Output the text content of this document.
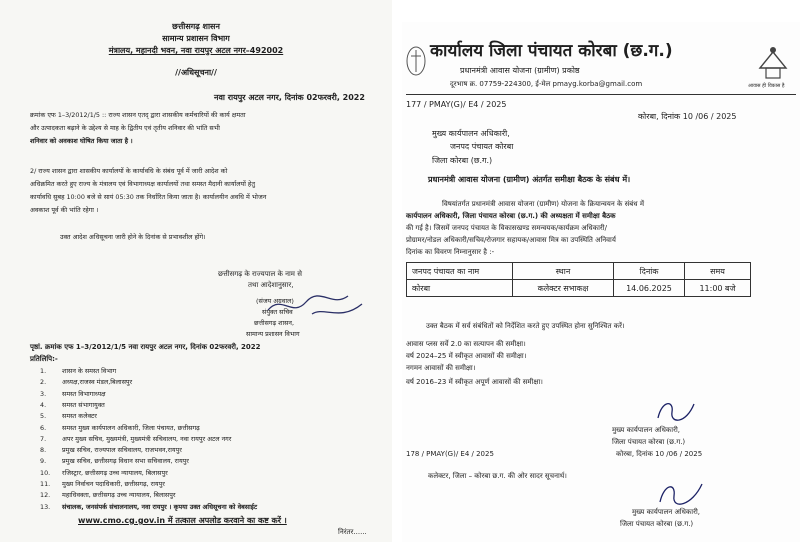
छत्तीसगढ़ शासन
सामान्य प्रशासन विभाग
मंत्रालय, महानदी भवन, नवा रायपुर अटल नगर–492002
//अधिसूचना//
नवा रायपुर अटल नगर, दिनांक 02फरवरी, 2022
क्रमांक एफ 1–3/2012/1/5 :: राज्य शासन एतद् द्वारा शासकीय कर्मचारियों की कार्य क्षमता
और उत्पादकता बढ़ाने के उद्देश्य से माह के द्वितीय एवं तृतीय शनिवार की भांति सभी
शनिवार को अवकाश घोषित किया जाता है ।
2/ राज्य शासन द्वारा शासकीय कार्यालयों के कार्यावधि के संबंध पूर्व में जारी आदेश को
अधिक्रमित करते हुए राज्य के मंत्रालय एवं विभागाध्यक्ष कार्यालयों तथा समस्त मैदानी कार्यालयों हेतु
कार्यावधि सुबह 10:00 बजे से सायं 05:30 तक निर्धारित किया जाता है। कार्यालयीन अवधि में भोजन
अवकाश पूर्व की भांति रहेगा ।
उक्त आदेश अधिसूचना जारी होने के दिनांक से प्रभावशील होंगे।
छत्तीसगढ़ के राज्यपाल के नाम से
तथा आदेशानुसार,
(संजय अग्रवाल)
संयुक्त सचिव
छत्तीसगढ़ शासन,
सामान्य प्रशासन विभाग
पृष्ठां. क्रमांक एफ 1–3/2012/1/5 नवा रायपुर अटल नगर, दिनांक 02फरवरी, 2022
प्रतिलिपि:-
www.cmo.cg.gov.in में तत्काल अपलोड करवाने का कष्ट करें ।
निरंतर......
1. शासन के समस्त विभाग
2. अध्यक्ष,राजस्व मंडल,बिलासपुर
3. समस्त विभागाध्यक्ष
4. समस्त संभागायुक्त
5. समस्त कलेक्टर
6. समस्त मुख्य कार्यपालन अधिकारी, जिला पंचायत, छत्तीसगढ़
7. अपर मुख्य सचिव, मुख्यमंत्री, मुख्यमंत्री सचिवालय, नवा रायपुर अटल नगर
8. प्रमुख सचिव, राज्यपाल सचिवालय, राजभवन,रायपुर
9. प्रमुख सचिव, छत्तीसगढ़ विधान सभा सचिवालय, रायपुर
10. रजिस्ट्रार, छत्तीसगढ़ उच्च न्यायालय, बिलासपुर
11. मुख्य निर्वाचन पदाधिकारी, छत्तीसगढ़, रायपुर
12. महाधिवक्ता, छत्तीसगढ़ उच्च न्यायालय, बिलासपुर
13. संचालक, जनसंपर्क संचालनालय, नवा रायपुर । कृपया उक्त अधिसूचना को वेबसाईट
कार्यालय जिला पंचायत कोरबा (छ.ग.)
प्रधानमंत्री आवास योजना (ग्रामीण) प्रकोष्ठ
दूरभाष क्र. 07759-224300, ई-मेल pmayg.korba@gmail.com	आवास ही विकास है
177 / PMAY(G)/ E4 / 2025
कोरबा, दिनांक 10 /06 / 2025
मुख्य कार्यपालन अधिकारी,
जनपद पंचायत कोरबा
जिला कोरबा (छ.ग.)
प्रधानमंत्री आवास योजना (ग्रामीण) अंतर्गत समीक्षा बैठक के संबंध में।
विषयांतर्गत प्रधानमंत्री आवास योजना (ग्रामीण) योजना के क्रियान्वयन के संबंध में
कार्यपालन अधिकारी, जिला पंचायत कोरबा (छ.ग.) की अध्यक्षता में समीक्षा बैठक
की गई है। जिसमें जनपद पंचायत के विकासखण्ड समन्वयक/कार्यक्रम अधिकारी/
प्रोग्रामर/नोडल अधिकारी/सचिव/रोजगार सहायक/आवास मित्र का उपस्थिति अनिवार्य
दिनांक का विवरण निम्नानुसार है :-
जनपद पंचायत का नाम	स्थान	दिनांक	समय
कोरबा	कलेक्टर सभाकक्ष	14.06.2025	11:00 बजे
उक्त बैठक में सर्व संबंधितों को निर्देशित करते हुए उपस्थित होना सुनिश्चित करें।
आवास प्लस सर्वे 2.0 का सत्यापन की समीक्षा।
वर्ष 2024–25 में स्वीकृत आवासों की समीक्षा।
नगमन आवासों की समीक्षा।
वर्ष 2016–23 में स्वीकृत अपूर्ण आवासों की समीक्षा।
मुख्य कार्यपालन अधिकारी,
जिला पंचायत कोरबा (छ.ग.)
कोरबा, दिनांक 10 /06 / 2025
178 / PMAY(G)/ E4 / 2025
कलेक्टर, जिला – कोरबा छ.ग. की ओर सादर सूचनार्थ।
मुख्य कार्यपालन अधिकारी,
जिला पंचायत कोरबा (छ.ग.)
